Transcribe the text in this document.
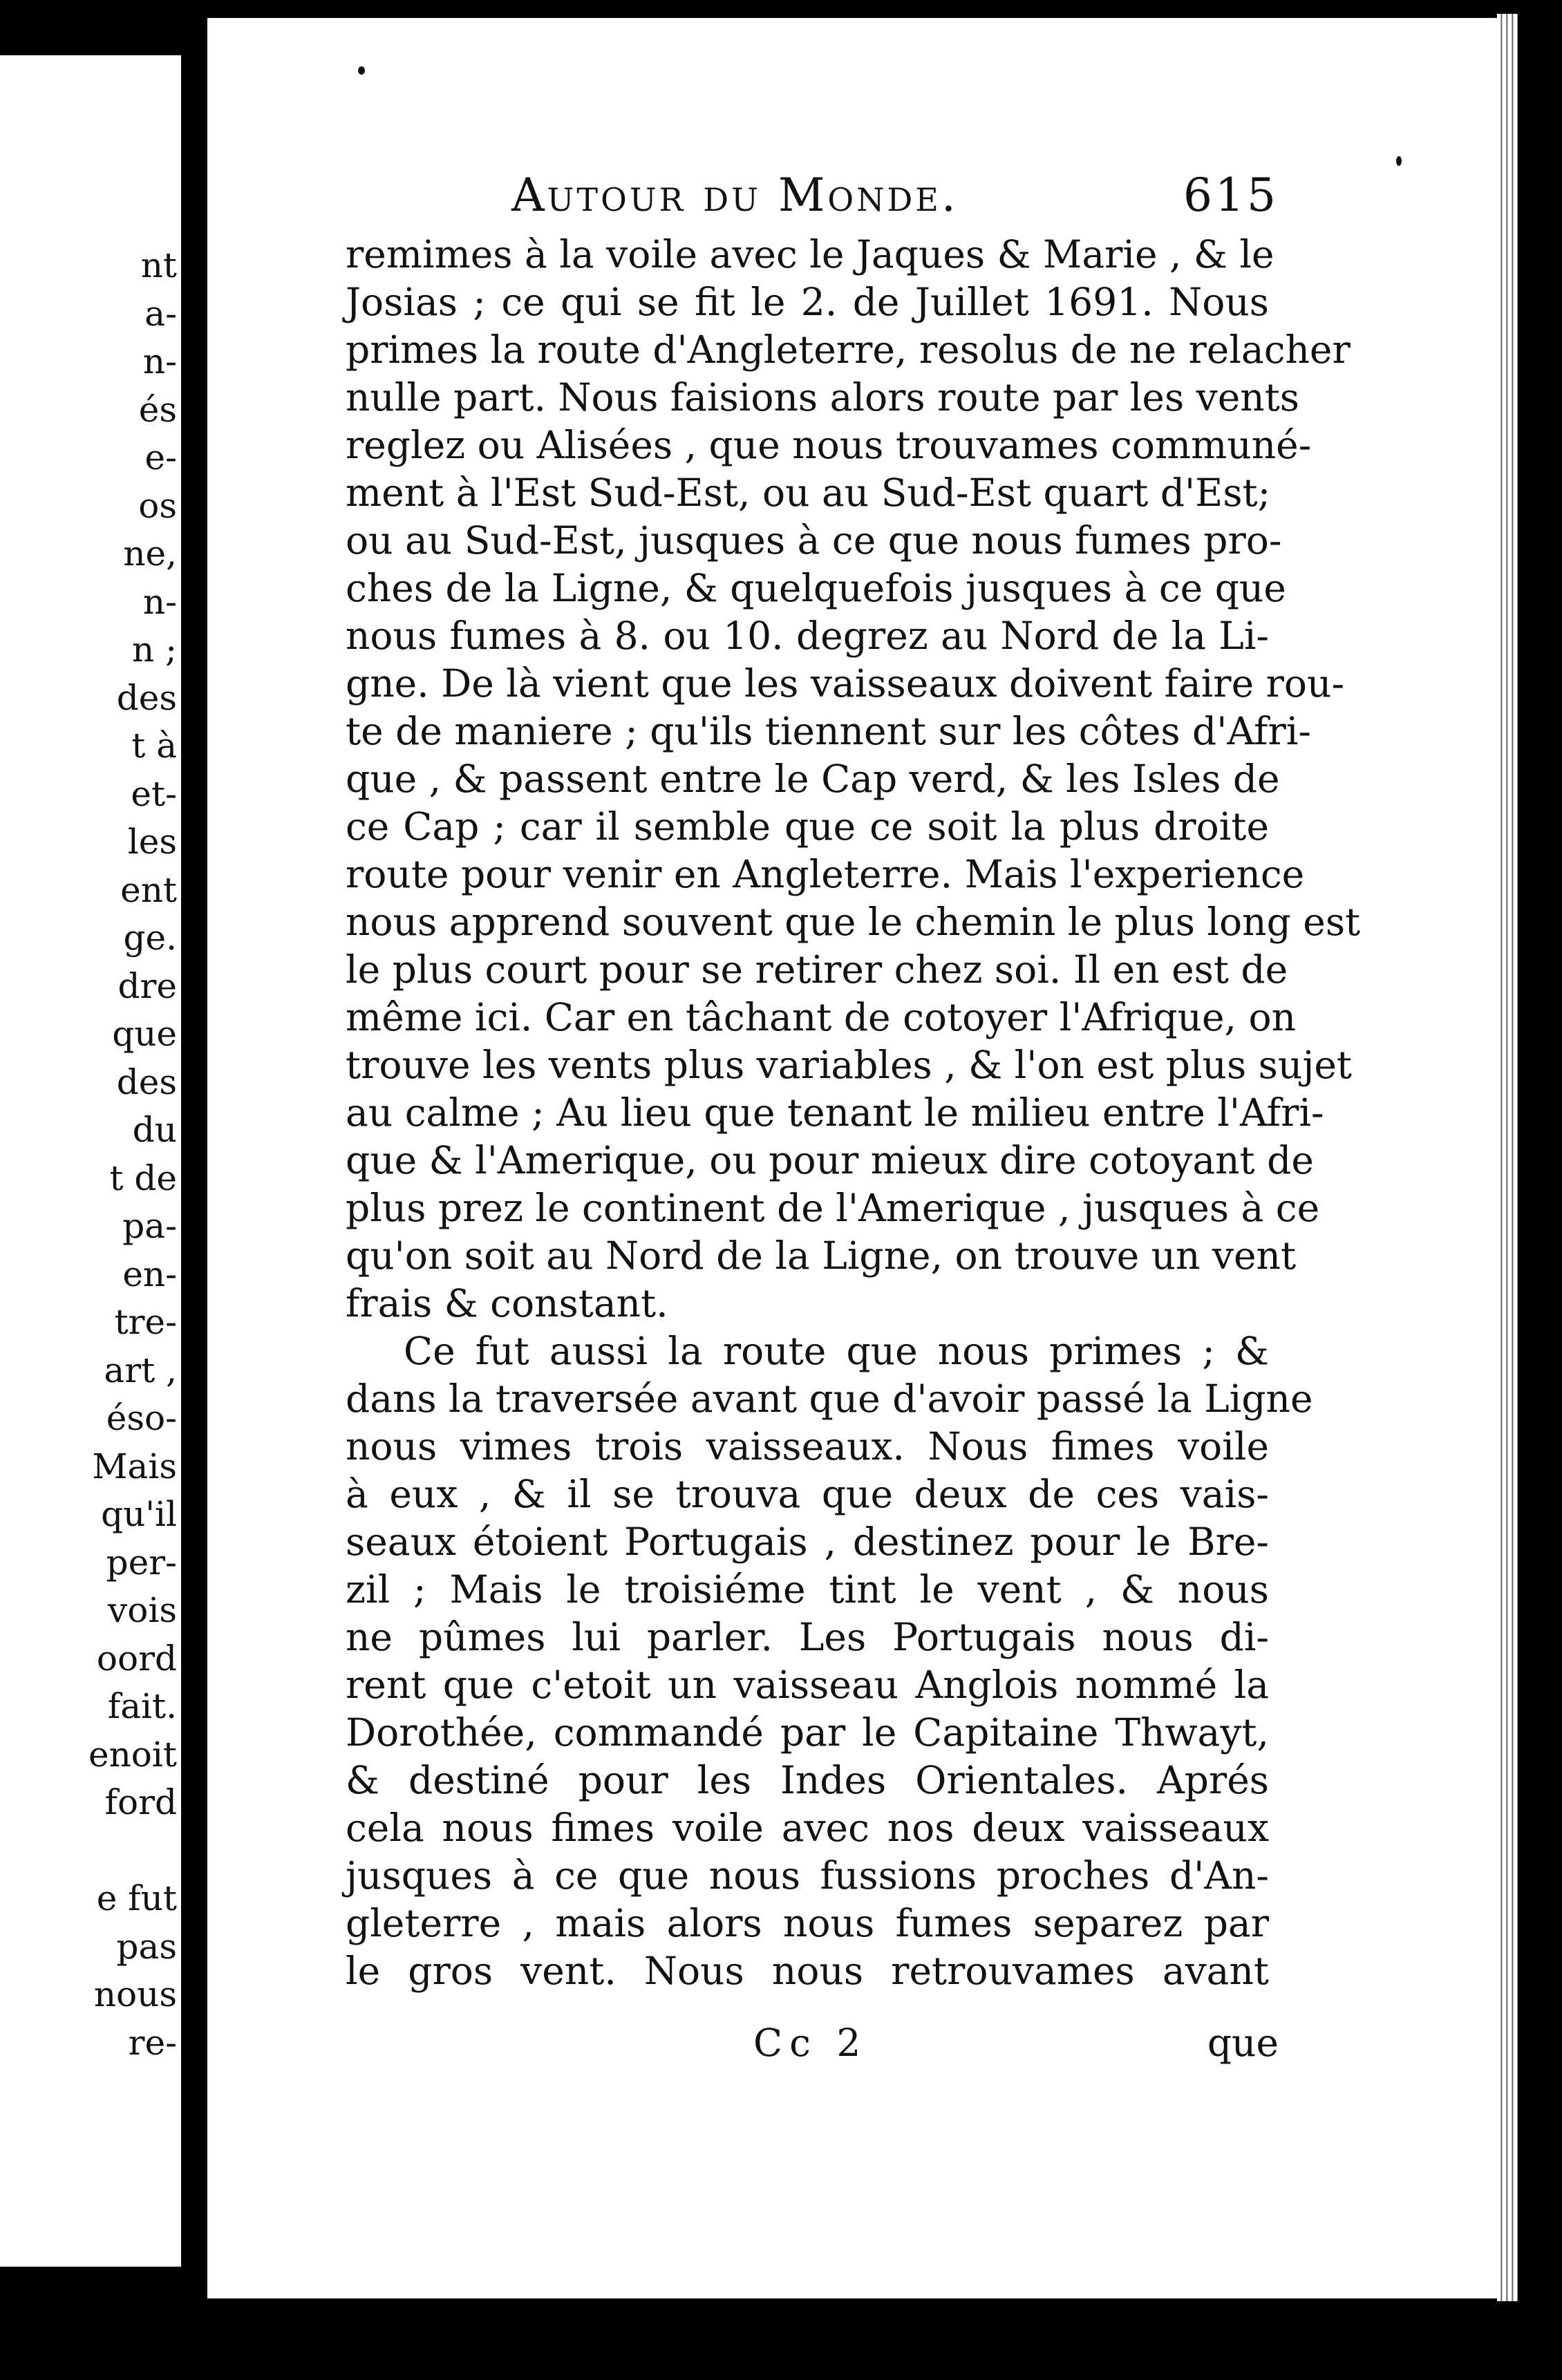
nt
a-
n-
és
e-
os
ne,
n-
n ;
des
t à
et-
les
ent
ge.
dre
que
des
du
t de
pa-
en-
tre-
art ,
éso-
Mais
qu'il
per-
vois
oord
fait.
enoit
ford
e fut
pas
nous
re-
Autour du Monde.	615
remimes à la voile avec le Jaques & Marie , & le
Josias ; ce qui se fit le 2. de Juillet 1691. Nous
primes la route d'Angleterre, resolus de ne relacher
nulle part. Nous faisions alors route par les vents
reglez ou Alisées , que nous trouvames communé-
ment à l'Est Sud-Est, ou au Sud-Est quart d'Est;
ou au Sud-Est, jusques à ce que nous fumes pro-
ches de la Ligne, & quelquefois jusques à ce que
nous fumes à 8. ou 10. degrez au Nord de la Li-
gne. De là vient que les vaisseaux doivent faire rou-
te de maniere ; qu'ils tiennent sur les côtes d'Afri-
que , & passent entre le Cap verd, & les Isles de
ce Cap ; car il semble que ce soit la plus droite
route pour venir en Angleterre. Mais l'experience
nous apprend souvent que le chemin le plus long est
le plus court pour se retirer chez soi. Il en est de
même ici. Car en tâchant de cotoyer l'Afrique, on
trouve les vents plus variables , & l'on est plus sujet
au calme ; Au lieu que tenant le milieu entre l'Afri-
que & l'Amerique, ou pour mieux dire cotoyant de
plus prez le continent de l'Amerique , jusques à ce
qu'on soit au Nord de la Ligne, on trouve un vent
frais & constant.
Ce fut aussi la route que nous primes ; &
dans la traversée avant que d'avoir passé la Ligne
nous vimes trois vaisseaux. Nous fimes voile
à eux , & il se trouva que deux de ces vais-
seaux étoient Portugais , destinez pour le Bre-
zil ; Mais le troisiéme tint le vent , & nous
ne pûmes lui parler. Les Portugais nous di-
rent que c'etoit un vaisseau Anglois nommé la
Dorothée, commandé par le Capitaine Thwayt,
& destiné pour les Indes Orientales. Aprés
cela nous fimes voile avec nos deux vaisseaux
jusques à ce que nous fussions proches d'An-
gleterre , mais alors nous fumes separez par
le gros vent. Nous nous retrouvames avant
Cc 2	que
